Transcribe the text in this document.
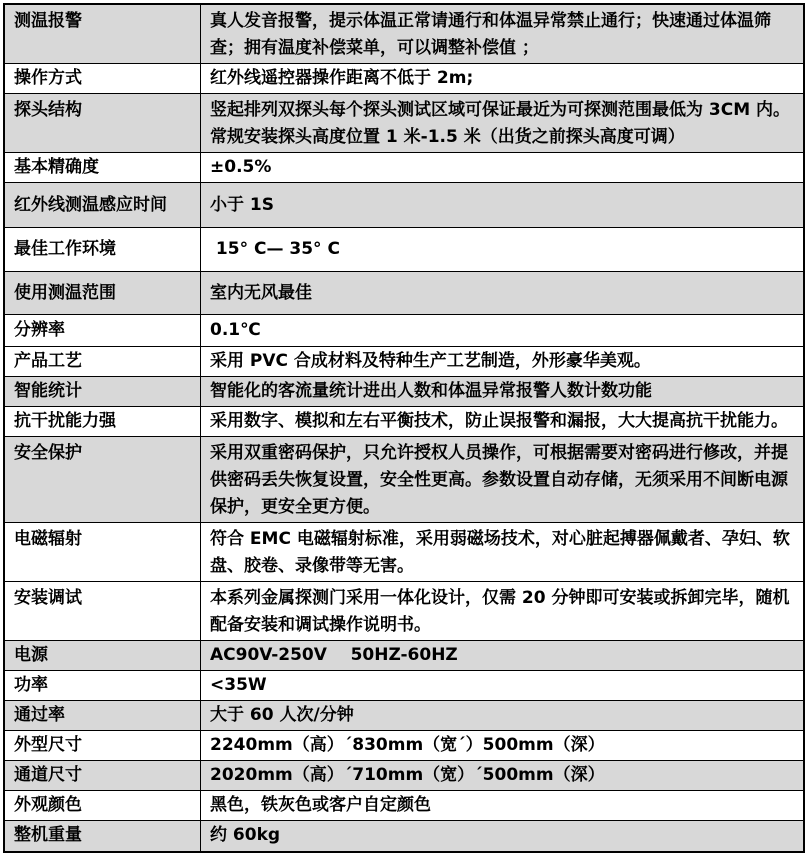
测温报警	真人发音报警，提示体温正常请通行和体温异常禁止通行；快速通过体温筛查；拥有温度补偿菜单，可以调整补偿值 ；
操作方式	红外线遥控器操作距离不低于 2m;
探头结构	竖起排列双探头每个探头测试区域可保证最近为可探测范围最低为 3CM 内。常规安装探头高度位置 1 米-1.5 米（出货之前探头高度可调）
基本精确度	±0.5%
红外线测温感应时间	小于 1S
最佳工作环境	15° C— 35° C
使用测温范围	室内无风最佳
分辨率	0.1℃
产品工艺	采用 PVC 合成材料及特种生产工艺制造，外形豪华美观。
智能统计	智能化的客流量统计进出人数和体温异常报警人数计数功能
抗干扰能力强	采用数字、模拟和左右平衡技术，防止误报警和漏报，大大提高抗干扰能力。
安全保护	采用双重密码保护，只允许授权人员操作，可根据需要对密码进行修改，并提供密码丢失恢复设置，安全性更高。参数设置自动存储，无须采用不间断电源保护，更安全更方便。
电磁辐射	符合 EMC 电磁辐射标准，采用弱磁场技术，对心脏起搏器佩戴者、孕妇、软盘、胶卷、录像带等无害。
安装调试	本系列金属探测门采用一体化设计，仅需 20 分钟即可安装或拆卸完毕，随机配备安装和调试操作说明书。
电源	AC90V-250V    50HZ-60HZ
功率	<35W
通过率	大于 60 人次/分钟
外型尺寸	2240mm（高）´830mm（宽´）500mm（深）
通道尺寸	2020mm（高）´710mm（宽）´500mm（深）
外观颜色	黑色，铁灰色或客户自定颜色
整机重量	约 60kg
